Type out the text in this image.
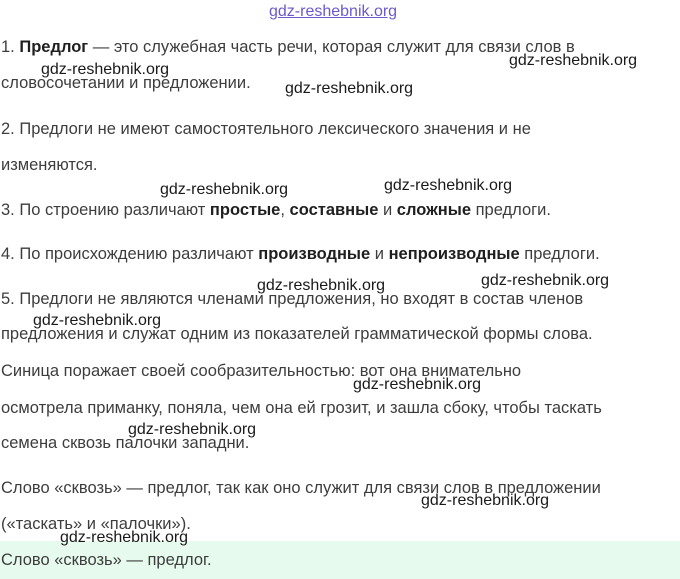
gdz-reshebnik.org

1. Предлог — это служебная часть речи, которая служит для связи слов в

словосочетании и предложении.

2. Предлоги не имеют самостоятельного лексического значения и не

изменяются.

3. По строению различают простые, составные и сложные предлоги.

4. По происхождению различают производные и непроизводные предлоги.

5. Предлоги не являются членами предложения, но входят в состав членов

предложения и служат одним из показателей грамматической формы слова.

Синица поражает своей сообразительностью: вот она внимательно

осмотрела приманку, поняла, чем она ей грозит, и зашла сбоку, чтобы таскать

семена сквозь палочки западни.

Слово «сквозь» — предлог, так как оно служит для связи слов в предложении

(«таскать» и «палочки»).

Слово «сквозь» — предлог.

gdz-reshebnik.org

gdz-reshebnik.org

gdz-reshebnik.org

gdz-reshebnik.org	gdz-reshebnik.org

gdz-reshebnik.org	gdz-reshebnik.org

gdz-reshebnik.org

gdz-reshebnik.org

gdz-reshebnik.org

gdz-reshebnik.org

gdz-reshebnik.org
